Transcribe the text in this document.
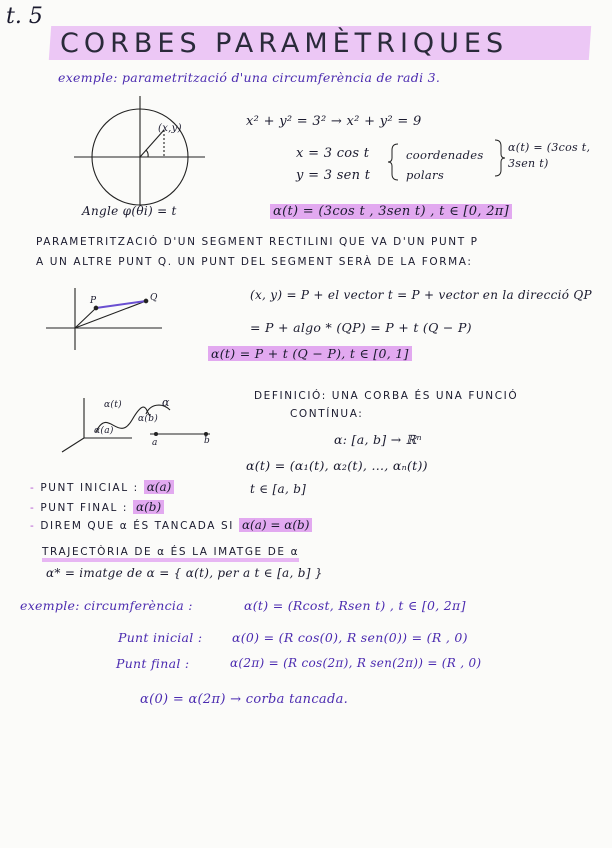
t. 5
CORBES PARAMÈTRIQUES
exemple: parametrització d'una circumferència de radi 3.
(x,y)
Angle φ(θi) = t
x² + y² = 3² → x² + y² = 9
x = 3 cos t
y = 3 sen t
coordenades polars
α(t) = (3cos t, 3sen t)
α(t) = (3cos t , 3sen t) , t ∈ [0, 2π]
PARAMETRITZACIÓ D'UN SEGMENT RECTILINI QUE VA D'UN PUNT P
A UN ALTRE PUNT Q. UN PUNT DEL SEGMENT SERÀ DE LA FORMA:
P	Q	(x, y) = P + el vector t = P + vector en la direcció QP
= P + algo * (QP) = P + t (Q − P)
α(t) = P + t (Q − P), t ∈ [0, 1]
α(t)	α
α(b)
α(a)
a	b
DEFINICIÓ: UNA CORBA ÉS UNA FUNCIÓ
CONTÍNUA:
α: [a, b] → ℝⁿ
α(t) = (α₁(t), α₂(t), ..., αₙ(t))
t ∈ [a, b]
- PUNT INICIAL : α(a)
- PUNT FINAL : α(b)
- DIREM QUE α ÉS TANCADA SI α(a) = α(b)
TRAJECTÒRIA DE α ÉS LA IMATGE DE α
α* = imatge de α = { α(t), per a t ∈ [a, b] }
exemple: circumferència :	α(t) = (Rcost, Rsen t) , t ∈ [0, 2π]
Punt inicial : α(0) = (R cos(0), R sen(0)) = (R , 0)
Punt final :	α(2π) = (R cos(2π), R sen(2π)) = (R , 0)
α(0) = α(2π) → corba tancada.
